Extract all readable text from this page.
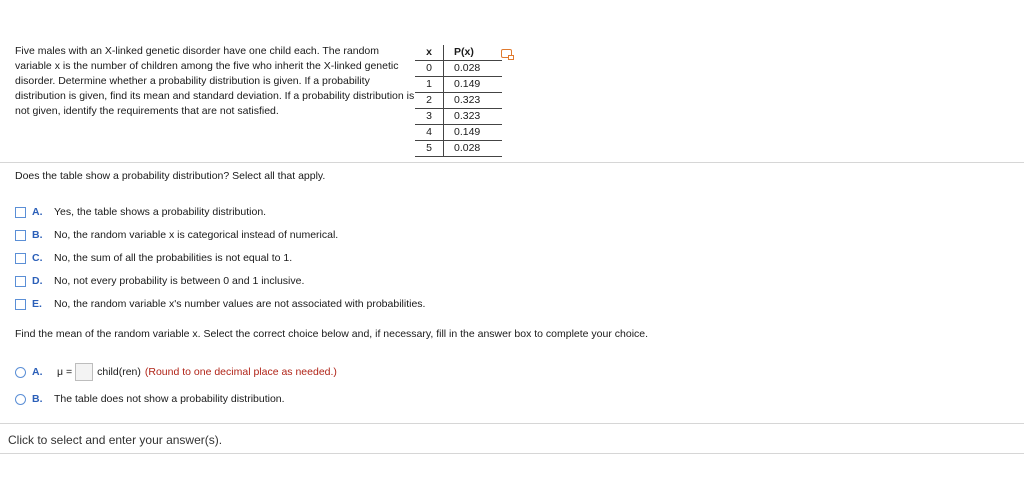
Five males with an X-linked genetic disorder have one child each. The random variable x is the number of children among the five who inherit the X-linked genetic disorder. Determine whether a probability distribution is given. If a probability distribution is given, find its mean and standard deviation. If a probability distribution is not given, identify the requirements that are not satisfied.
x	P(x)
0	0.028
1	0.149
2	0.323
3	0.323
4	0.149
5	0.028
Does the table show a probability distribution? Select all that apply.
A.	Yes, the table shows a probability distribution.
B.	No, the random variable x is categorical instead of numerical.
C.	No, the sum of all the probabilities is not equal to 1.
D.	No, not every probability is between 0 and 1 inclusive.
E.	No, the random variable x's number values are not associated with probabilities.
Find the mean of the random variable x. Select the correct choice below and, if necessary, fill in the answer box to complete your choice.
A.	μ = child(ren) (Round to one decimal place as needed.)
B.	The table does not show a probability distribution.
Click to select and enter your answer(s).
